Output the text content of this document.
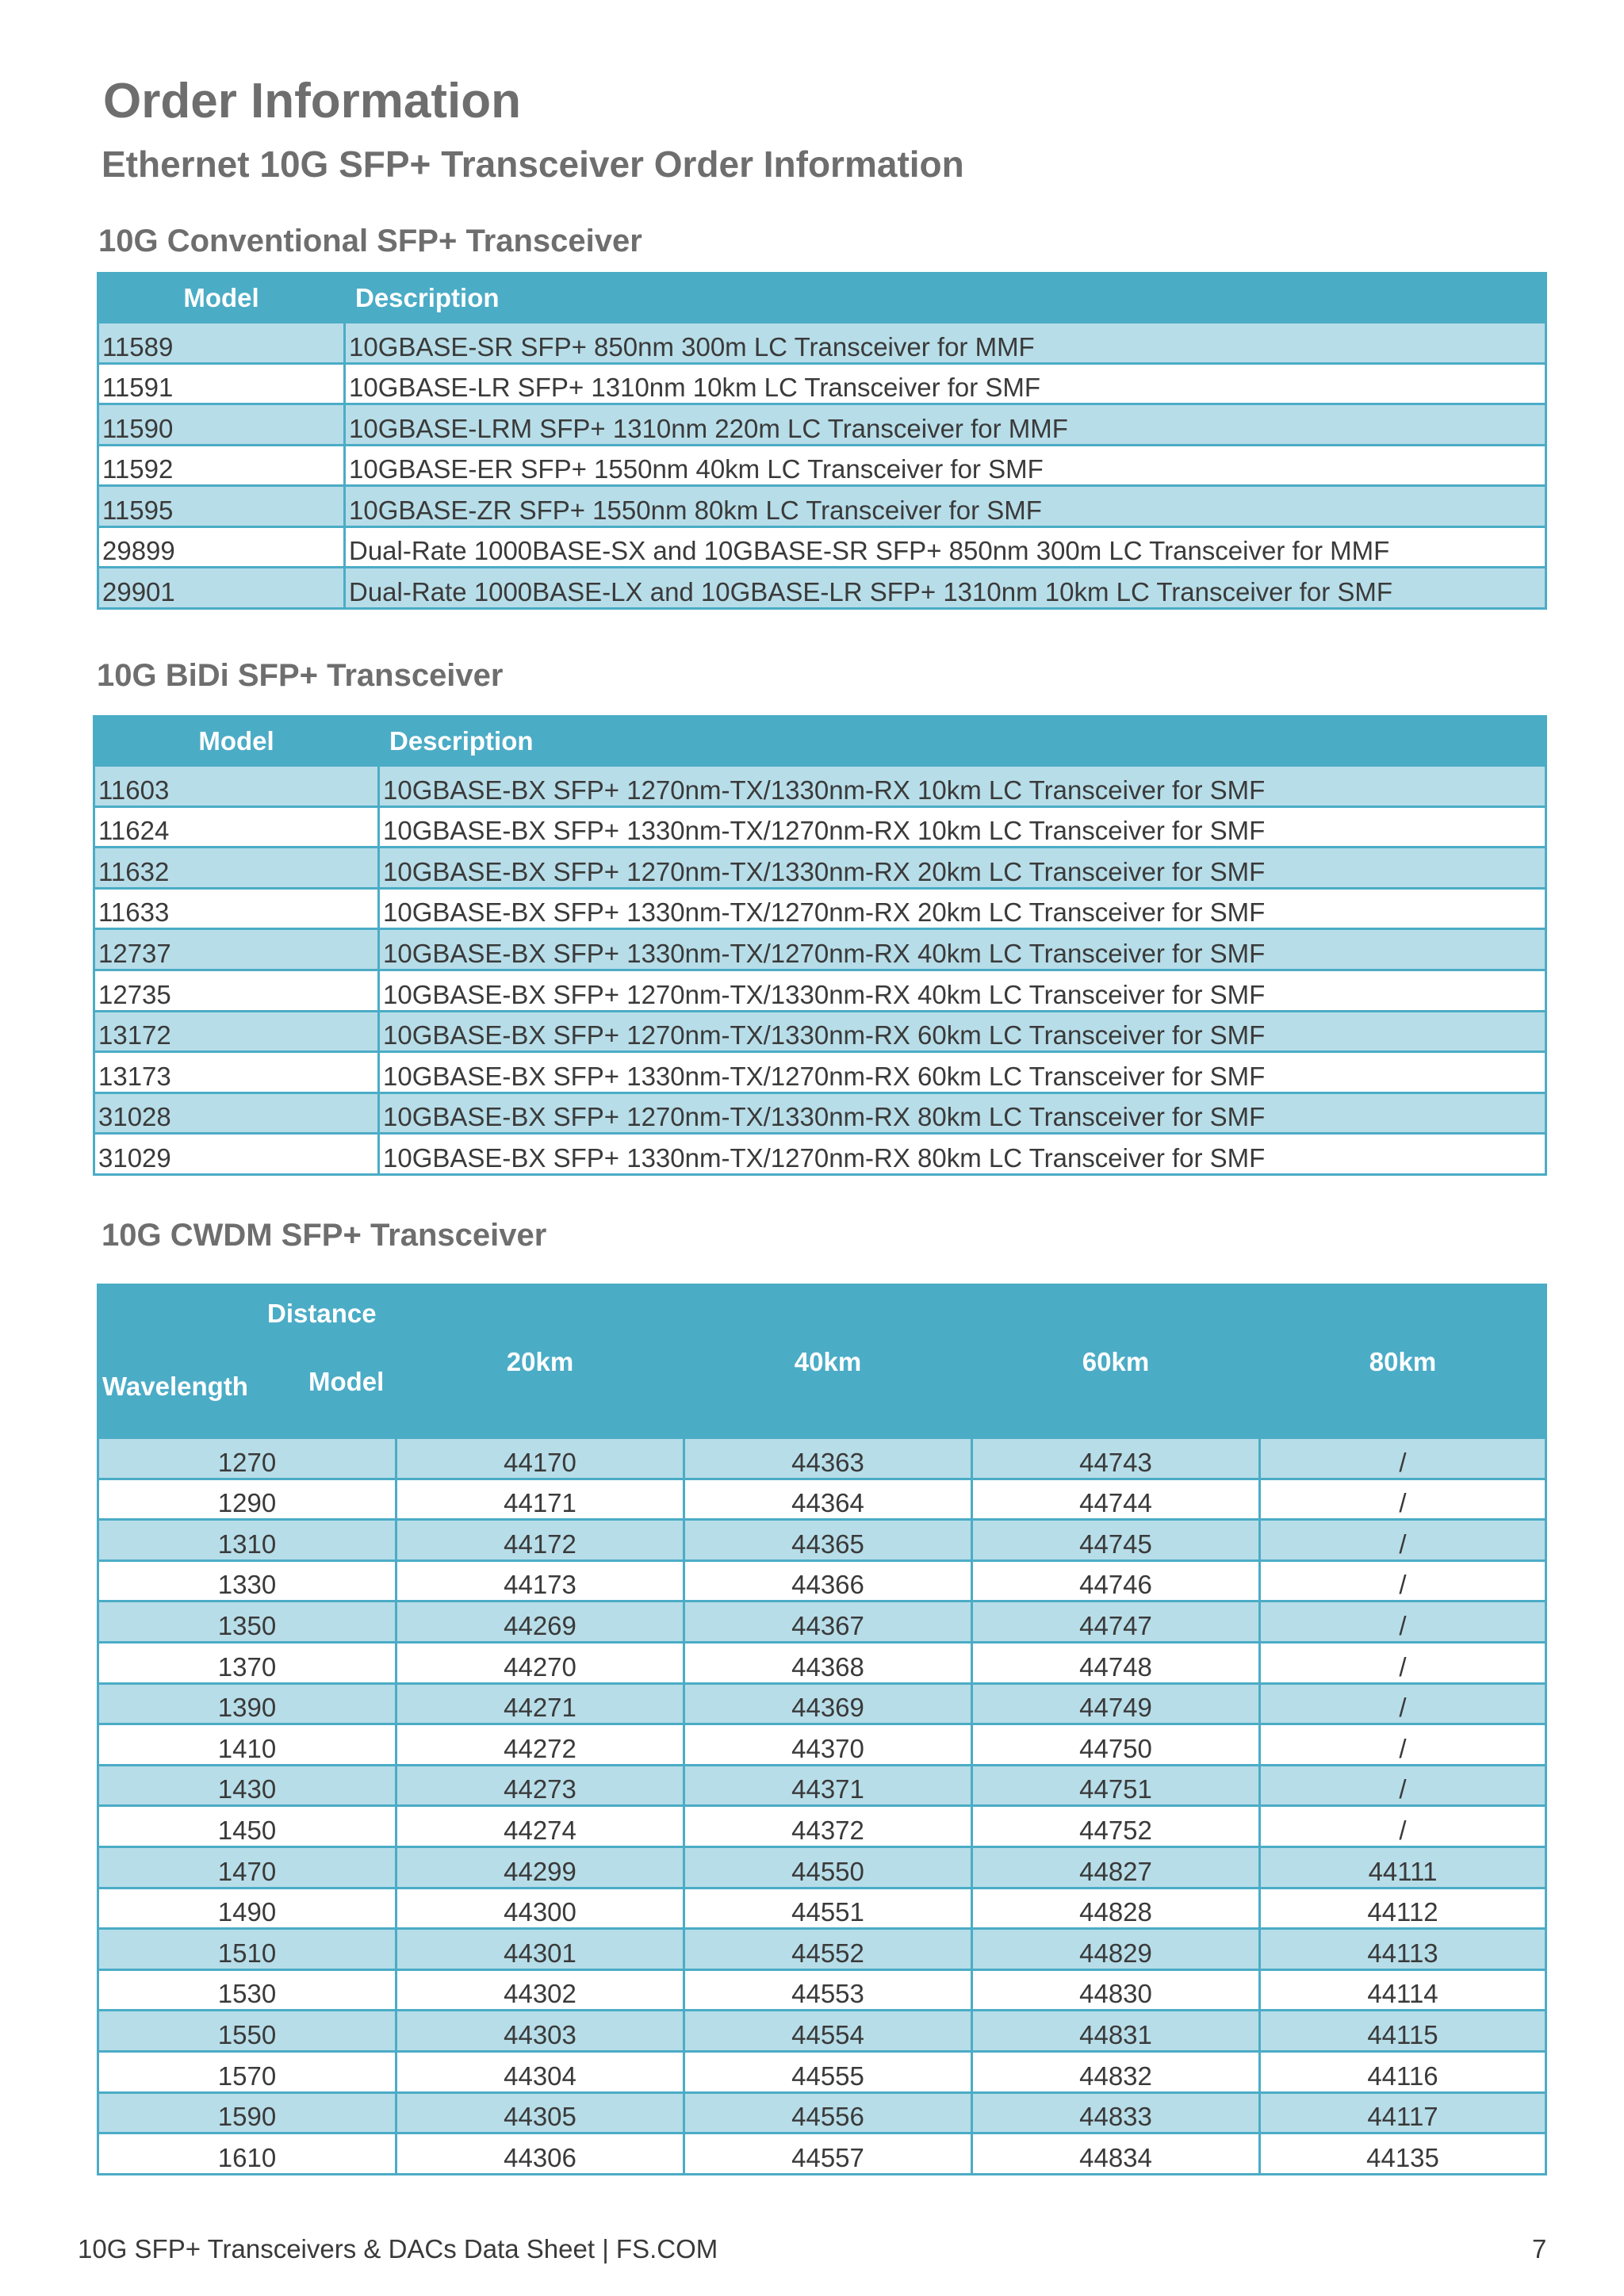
Order Information
Ethernet 10G SFP+ Transceiver Order Information
10G Conventional SFP+ Transceiver
Model	Description
11589	10GBASE-SR SFP+ 850nm 300m LC Transceiver for MMF
11591	10GBASE-LR SFP+ 1310nm 10km LC Transceiver for SMF
11590	10GBASE-LRM SFP+ 1310nm 220m LC Transceiver for MMF
11592	10GBASE-ER SFP+ 1550nm 40km LC Transceiver for SMF
11595	10GBASE-ZR SFP+ 1550nm 80km LC Transceiver for SMF
29899	Dual-Rate 1000BASE-SX and 10GBASE-SR SFP+ 850nm 300m LC Transceiver for MMF
29901	Dual-Rate 1000BASE-LX and 10GBASE-LR SFP+ 1310nm 10km LC Transceiver for SMF
10G BiDi SFP+ Transceiver
Model	Description
11603	10GBASE-BX SFP+ 1270nm-TX/1330nm-RX 10km LC Transceiver for SMF
11624	10GBASE-BX SFP+ 1330nm-TX/1270nm-RX 10km LC Transceiver for SMF
11632	10GBASE-BX SFP+ 1270nm-TX/1330nm-RX 20km LC Transceiver for SMF
11633	10GBASE-BX SFP+ 1330nm-TX/1270nm-RX 20km LC Transceiver for SMF
12737	10GBASE-BX SFP+ 1330nm-TX/1270nm-RX 40km LC Transceiver for SMF
12735	10GBASE-BX SFP+ 1270nm-TX/1330nm-RX 40km LC Transceiver for SMF
13172	10GBASE-BX SFP+ 1270nm-TX/1330nm-RX 60km LC Transceiver for SMF
13173	10GBASE-BX SFP+ 1330nm-TX/1270nm-RX 60km LC Transceiver for SMF
31028	10GBASE-BX SFP+ 1270nm-TX/1330nm-RX 80km LC Transceiver for SMF
31029	10GBASE-BX SFP+ 1330nm-TX/1270nm-RX 80km LC Transceiver for SMF
10G CWDM SFP+ Transceiver
Distance
Model
Wavelength	20km	40km	60km	80km
1270	44170	44363	44743	/
1290	44171	44364	44744	/
1310	44172	44365	44745	/
1330	44173	44366	44746	/
1350	44269	44367	44747	/
1370	44270	44368	44748	/
1390	44271	44369	44749	/
1410	44272	44370	44750	/
1430	44273	44371	44751	/
1450	44274	44372	44752	/
1470	44299	44550	44827	44111
1490	44300	44551	44828	44112
1510	44301	44552	44829	44113
1530	44302	44553	44830	44114
1550	44303	44554	44831	44115
1570	44304	44555	44832	44116
1590	44305	44556	44833	44117
1610	44306	44557	44834	44135
10G SFP+ Transceivers & DACs Data Sheet | FS.COM	7
